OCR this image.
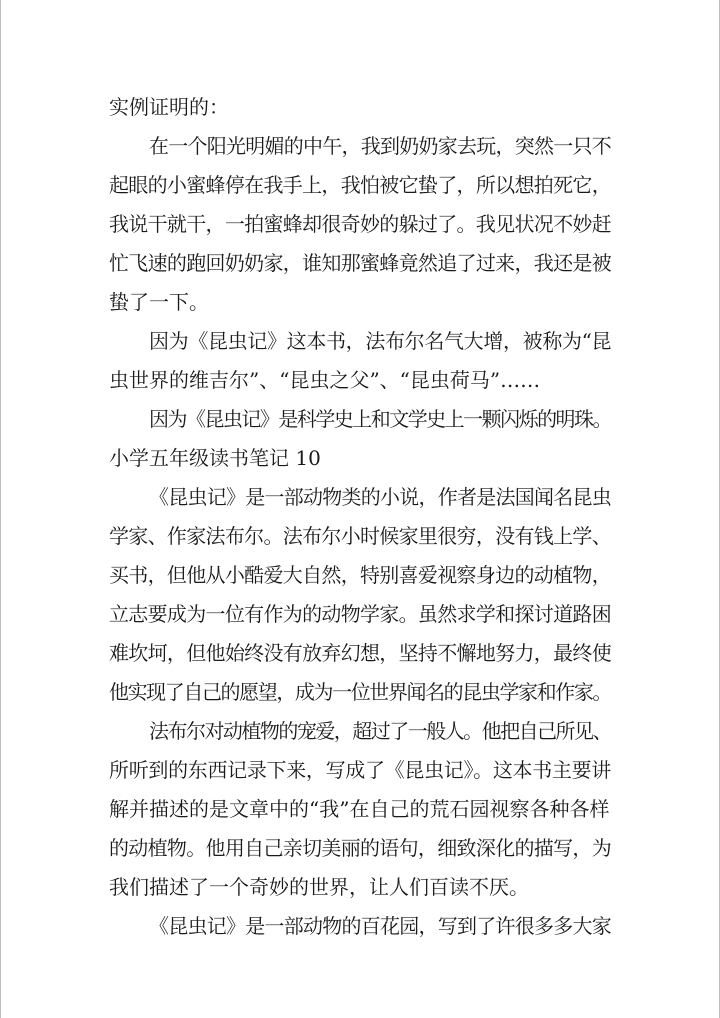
实例证明的：
在一个阳光明媚的中午，我到奶奶家去玩，突然一只不
起眼的小蜜蜂停在我手上，我怕被它蛰了，所以想拍死它，
我说干就干，一拍蜜蜂却很奇妙的躲过了。我见状况不妙赶
忙飞速的跑回奶奶家，谁知那蜜蜂竟然追了过来，我还是被
蛰了一下。
因为《昆虫记》这本书，法布尔名气大增，被称为“昆
虫世界的维吉尔”、“昆虫之父”、“昆虫荷马”……
因为《昆虫记》是科学史上和文学史上一颗闪烁的明珠。
小学五年级读书笔记 10
《昆虫记》是一部动物类的小说，作者是法国闻名昆虫
学家、作家法布尔。法布尔小时候家里很穷，没有钱上学、
买书，但他从小酷爱大自然，特别喜爱视察身边的动植物，
立志要成为一位有作为的动物学家。虽然求学和探讨道路困
难坎坷，但他始终没有放弃幻想，坚持不懈地努力，最终使
他实现了自己的愿望，成为一位世界闻名的昆虫学家和作家。
法布尔对动植物的宠爱，超过了一般人。他把自己所见、
所听到的东西记录下来，写成了《昆虫记》。这本书主要讲
解并描述的是文章中的“我”在自己的荒石园视察各种各样
的动植物。他用自己亲切美丽的语句，细致深化的描写，为
我们描述了一个奇妙的世界，让人们百读不厌。
《昆虫记》是一部动物的百花园，写到了许很多多大家
